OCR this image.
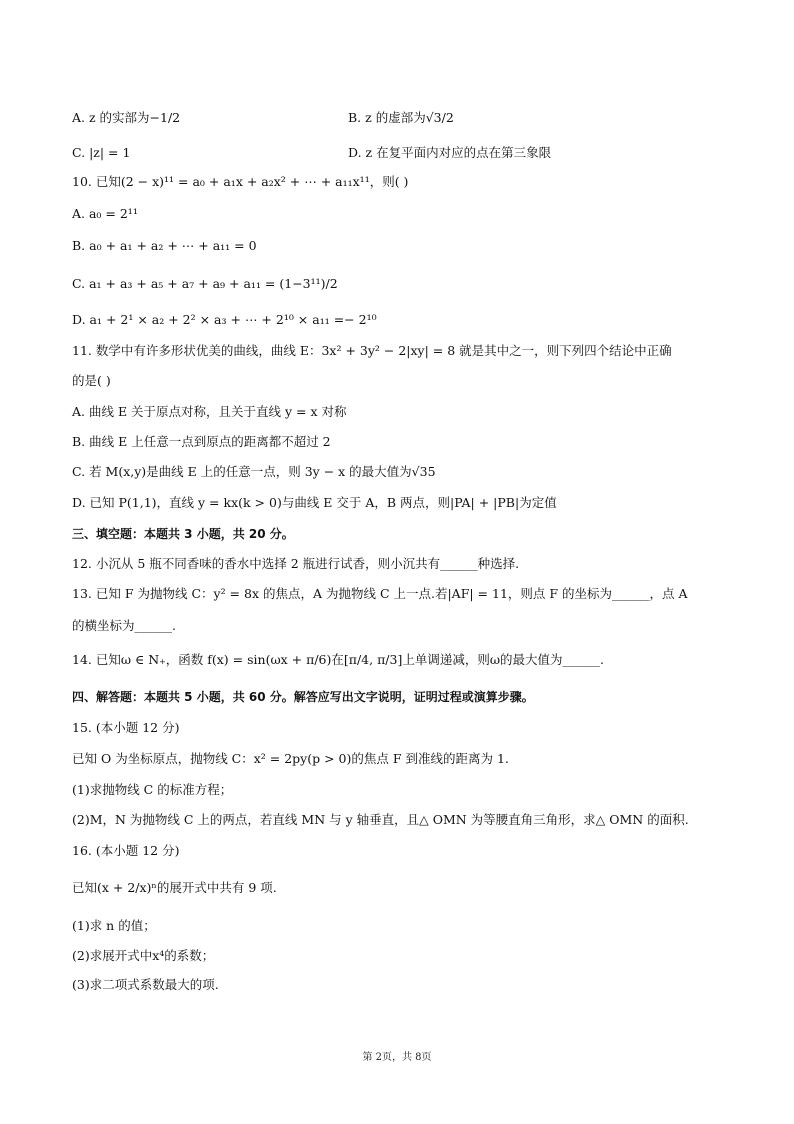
A. z 的实部为−1/2	B. z 的虚部为√3/2
C. |z| = 1	D. z 在复平面内对应的点在第三象限
10. 已知(2 − x)¹¹ = a₀ + a₁x + a₂x² + ⋯ + a₁₁x¹¹，则( )
A. a₀ = 2¹¹
B. a₀ + a₁ + a₂ + ⋯ + a₁₁ = 0
C. a₁ + a₃ + a₅ + a₇ + a₉ + a₁₁ = (1−3¹¹)/2
D. a₁ + 2¹ × a₂ + 2² × a₃ + ⋯ + 2¹⁰ × a₁₁ =− 2¹⁰
11. 数学中有许多形状优美的曲线，曲线 E：3x² + 3y² − 2|xy| = 8 就是其中之一，则下列四个结论中正确
的是( )
A. 曲线 E 关于原点对称，且关于直线 y = x 对称
B. 曲线 E 上任意一点到原点的距离都不超过 2
C. 若 M(x,y)是曲线 E 上的任意一点，则 3y − x 的最大值为√35
D. 已知 P(1,1)，直线 y = kx(k > 0)与曲线 E 交于 A，B 两点，则|PA| + |PB|为定值
三、填空题：本题共 3 小题，共 20 分。
12. 小沉从 5 瓶不同香味的香水中选择 2 瓶进行试香，则小沉共有______种选择.
13. 已知 F 为抛物线 C：y² = 8x 的焦点，A 为抛物线 C 上一点.若|AF| = 11，则点 F 的坐标为______，点 A
的横坐标为______.
14. 已知ω ∈ N₊，函数 f(x) = sin(ωx + π/6)在[π/4, π/3]上单调递减，则ω的最大值为______.
四、解答题：本题共 5 小题，共 60 分。解答应写出文字说明，证明过程或演算步骤。
15. (本小题 12 分)
已知 O 为坐标原点，抛物线 C：x² = 2py(p > 0)的焦点 F 到准线的距离为 1.
(1)求抛物线 C 的标准方程；
(2)M，N 为抛物线 C 上的两点，若直线 MN 与 y 轴垂直，且△ OMN 为等腰直角三角形，求△ OMN 的面积.
16. (本小题 12 分)
已知(x + 2/x)ⁿ的展开式中共有 9 项.
(1)求 n 的值；
(2)求展开式中x⁴的系数；
(3)求二项式系数最大的项.
第 2页，共 8页
